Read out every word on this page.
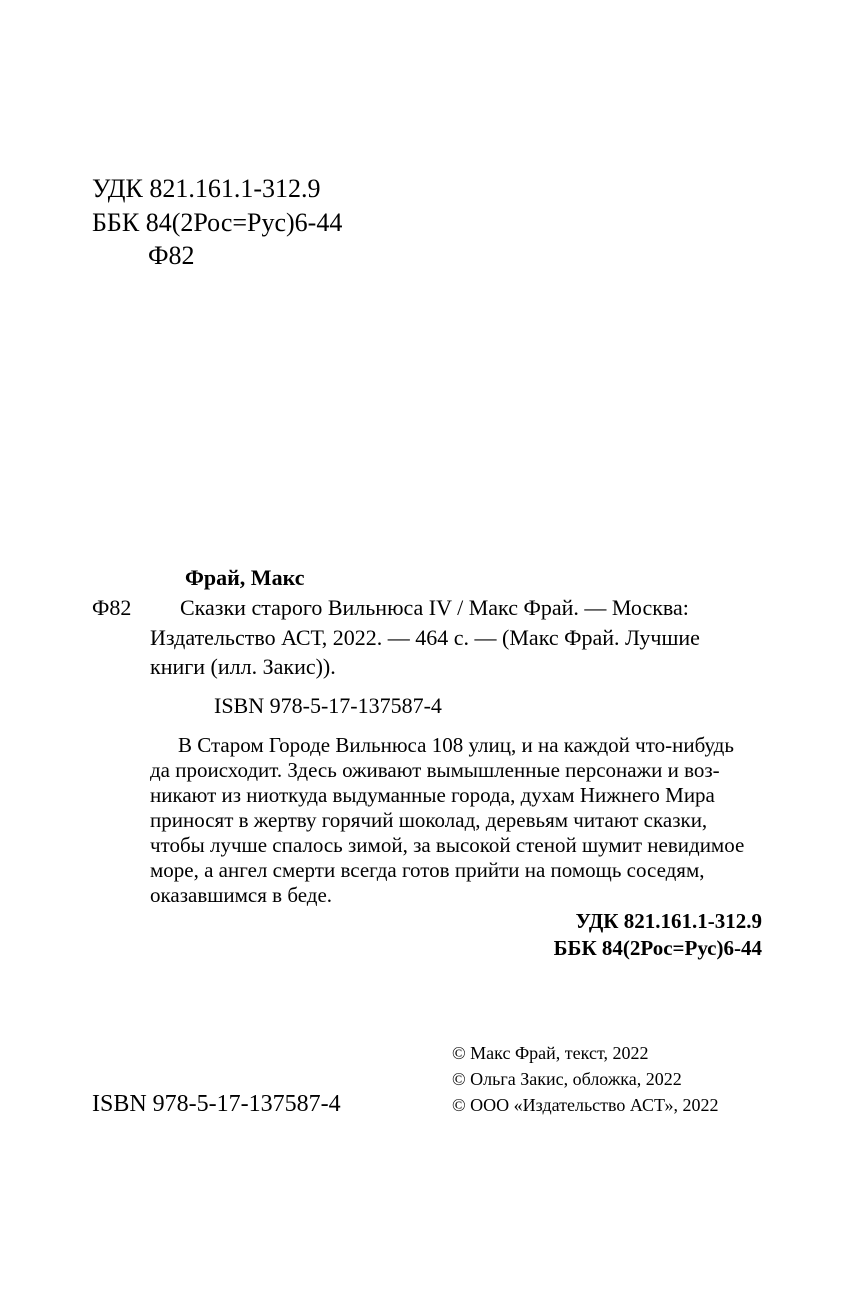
УДК 821.161.1-312.9
ББК 84(2Рос=Рус)6-44
Ф82
Фрай, Макс
Ф82 Сказки старого Вильнюса IV / Макс Фрай. — Москва:
Издательство АСТ, 2022. — 464 с. — (Макс Фрай. Лучшие
книги (илл. Закис)).
ISBN 978-5-17-137587-4
В Старом Городе Вильнюса 108 улиц, и на каждой что-нибудь
да происходит. Здесь оживают вымышленные персонажи и воз-
никают из ниоткуда выдуманные города, духам Нижнего Мира
приносят в жертву горячий шоколад, деревьям читают сказки,
чтобы лучше спалось зимой, за высокой стеной шумит невидимое
море, а ангел смерти всегда готов прийти на помощь соседям,
оказавшимся в беде.
УДК 821.161.1-312.9
ББК 84(2Рос=Рус)6-44
© Макс Фрай, текст, 2022
© Ольга Закис, обложка, 2022
© ООО «Издательство АСТ», 2022
ISBN 978-5-17-137587-4
